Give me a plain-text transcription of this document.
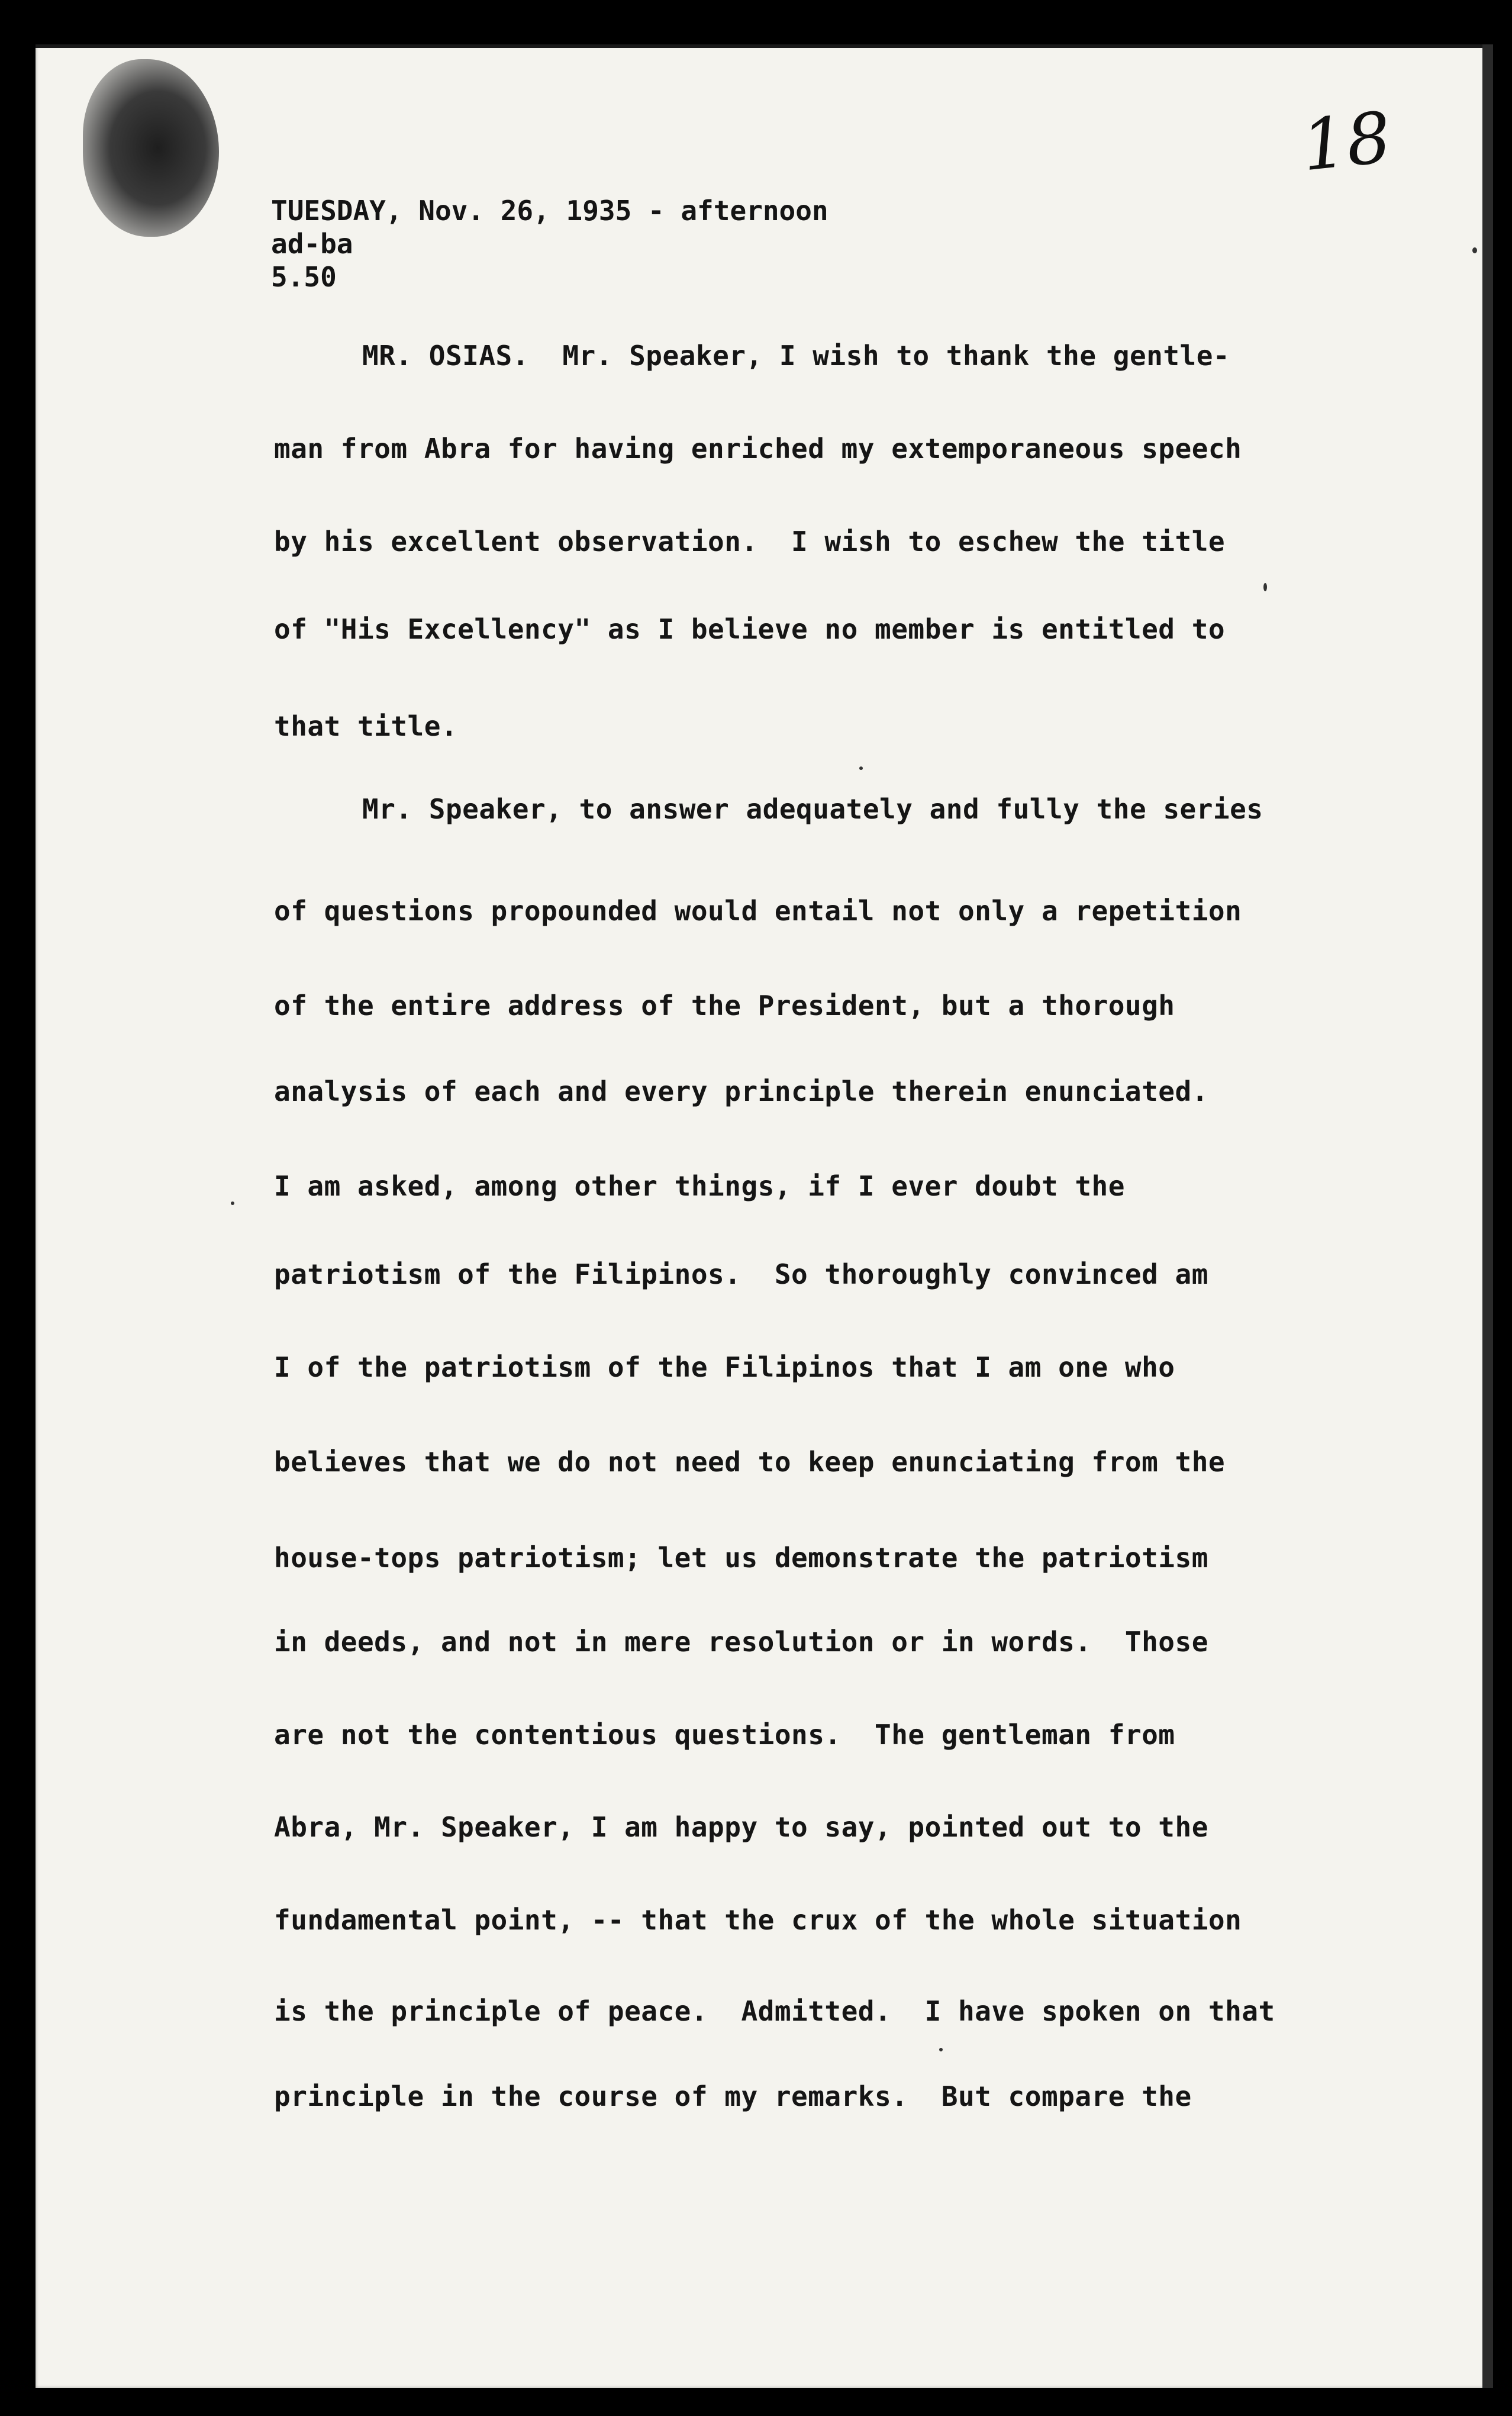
18
TUESDAY, Nov. 26, 1935 - afternoon
ad-ba
5.50
MR. OSIAS.  Mr. Speaker, I wish to thank the gentle-
man from Abra for having enriched my extemporaneous speech
by his excellent observation.  I wish to eschew the title
of "His Excellency" as I believe no member is entitled to
that title.
Mr. Speaker, to answer adequately and fully the series
of questions propounded would entail not only a repetition
of the entire address of the President, but a thorough
analysis of each and every principle therein enunciated.
I am asked, among other things, if I ever doubt the
patriotism of the Filipinos.  So thoroughly convinced am
I of the patriotism of the Filipinos that I am one who
believes that we do not need to keep enunciating from the
house-tops patriotism; let us demonstrate the patriotism
in deeds, and not in mere resolution or in words.  Those
are not the contentious questions.  The gentleman from
Abra, Mr. Speaker, I am happy to say, pointed out to the
fundamental point, -- that the crux of the whole situation
is the principle of peace.  Admitted.  I have spoken on that
principle in the course of my remarks.  But compare the
